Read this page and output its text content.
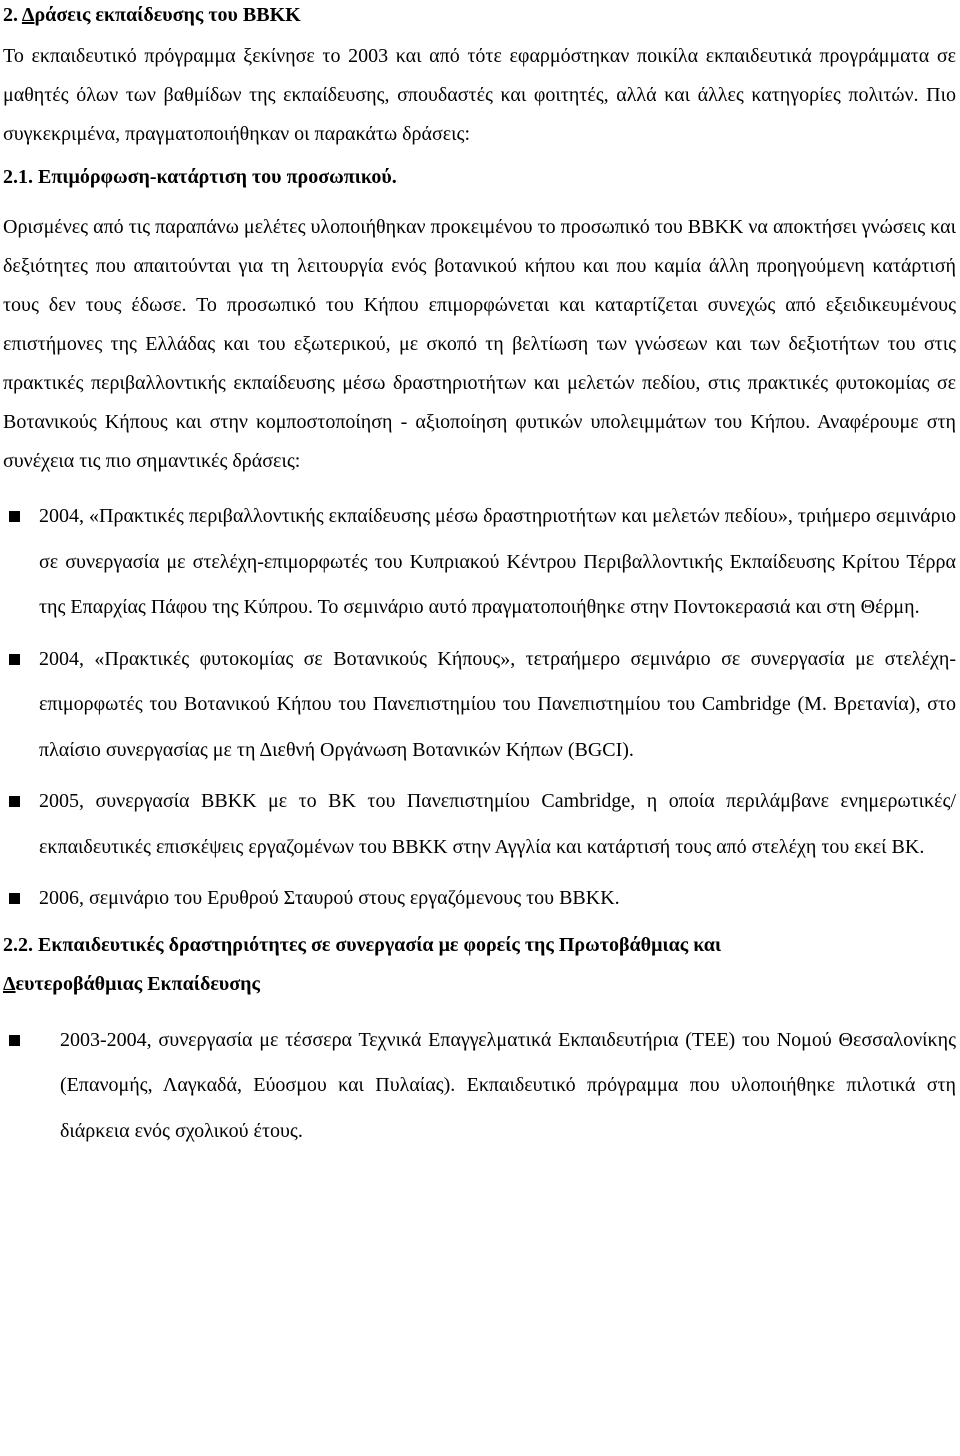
2. Δράσεις εκπαίδευσης του ΒΒΚΚ

Το εκπαιδευτικό πρόγραμμα ξεκίνησε το 2003 και από τότε εφαρμόστηκαν ποικίλα εκπαιδευτικά προγράμματα σε μαθητές όλων των βαθμίδων της εκπαίδευσης, σπουδαστές και φοιτητές, αλλά και άλλες κατηγορίες πολιτών. Πιο συγκεκριμένα, πραγματοποιήθηκαν οι παρακάτω δράσεις:

2.1. Επιμόρφωση-κατάρτιση του προσωπικού.

Ορισμένες από τις παραπάνω μελέτες υλοποιήθηκαν προκειμένου το προσωπικό του ΒΒΚΚ να αποκτήσει γνώσεις και δεξιότητες που απαιτούνται για τη λειτουργία ενός βοτανικού κήπου και που καμία άλλη προηγούμενη κατάρτισή τους δεν τους έδωσε. Το προσωπικό του Κήπου επιμορφώνεται και καταρτίζεται συνεχώς από εξειδικευμένους επιστήμονες της Ελλάδας και του εξωτερικού, με σκοπό τη βελτίωση των γνώσεων και των δεξιοτήτων του στις πρακτικές περιβαλλοντικής εκπαίδευσης μέσω δραστηριοτήτων και μελετών πεδίου, στις πρακτικές φυτοκομίας σε Βοτανικούς Κήπους και στην κομποστοποίηση - αξιοποίηση φυτικών υπολειμμάτων του Κήπου. Αναφέρουμε στη συνέχεια τις πιο σημαντικές δράσεις:

2004, «Πρακτικές περιβαλλοντικής εκπαίδευσης μέσω δραστηριοτήτων και μελετών πεδίου», τριήμερο σεμινάριο σε συνεργασία με στελέχη-επιμορφωτές του Κυπριακού Κέντρου Περιβαλλοντικής Εκπαίδευσης Κρίτου Τέρρα της Επαρχίας Πάφου της Κύπρου. Το σεμινάριο αυτό πραγματοποιήθηκε στην Ποντοκερασιά και στη Θέρμη.
2004, «Πρακτικές φυτοκομίας σε Βοτανικούς Κήπους», τετραήμερο σεμινάριο σε συνεργασία με στελέχη-επιμορφωτές του Βοτανικού Κήπου του Πανεπιστημίου του Πανεπιστημίου του Cambridge (Μ. Βρετανία), στο πλαίσιο συνεργασίας με τη Διεθνή Οργάνωση Βοτανικών Κήπων (BGCI).
2005, συνεργασία ΒΒΚΚ με το ΒΚ του Πανεπιστημίου Cambridge, η οποία περιλάμβανε ενημερωτικές/εκπαιδευτικές επισκέψεις εργαζομένων του ΒΒΚΚ στην Αγγλία και κατάρτισή τους από στελέχη του εκεί ΒΚ.
2006, σεμινάριο του Ερυθρού Σταυρού στους εργαζόμενους του ΒΒΚΚ.
2.2. Εκπαιδευτικές δραστηριότητες σε συνεργασία με φορείς της Πρωτοβάθμιας και
Δευτεροβάθμιας Εκπαίδευσης
2003-2004, συνεργασία με τέσσερα Τεχνικά Επαγγελματικά Εκπαιδευτήρια (ΤΕΕ) του Νομού Θεσσαλονίκης (Επανομής, Λαγκαδά, Εύοσμου και Πυλαίας). Εκπαιδευτικό πρόγραμμα που υλοποιήθηκε πιλοτικά στη διάρκεια ενός σχολικού έτους.
